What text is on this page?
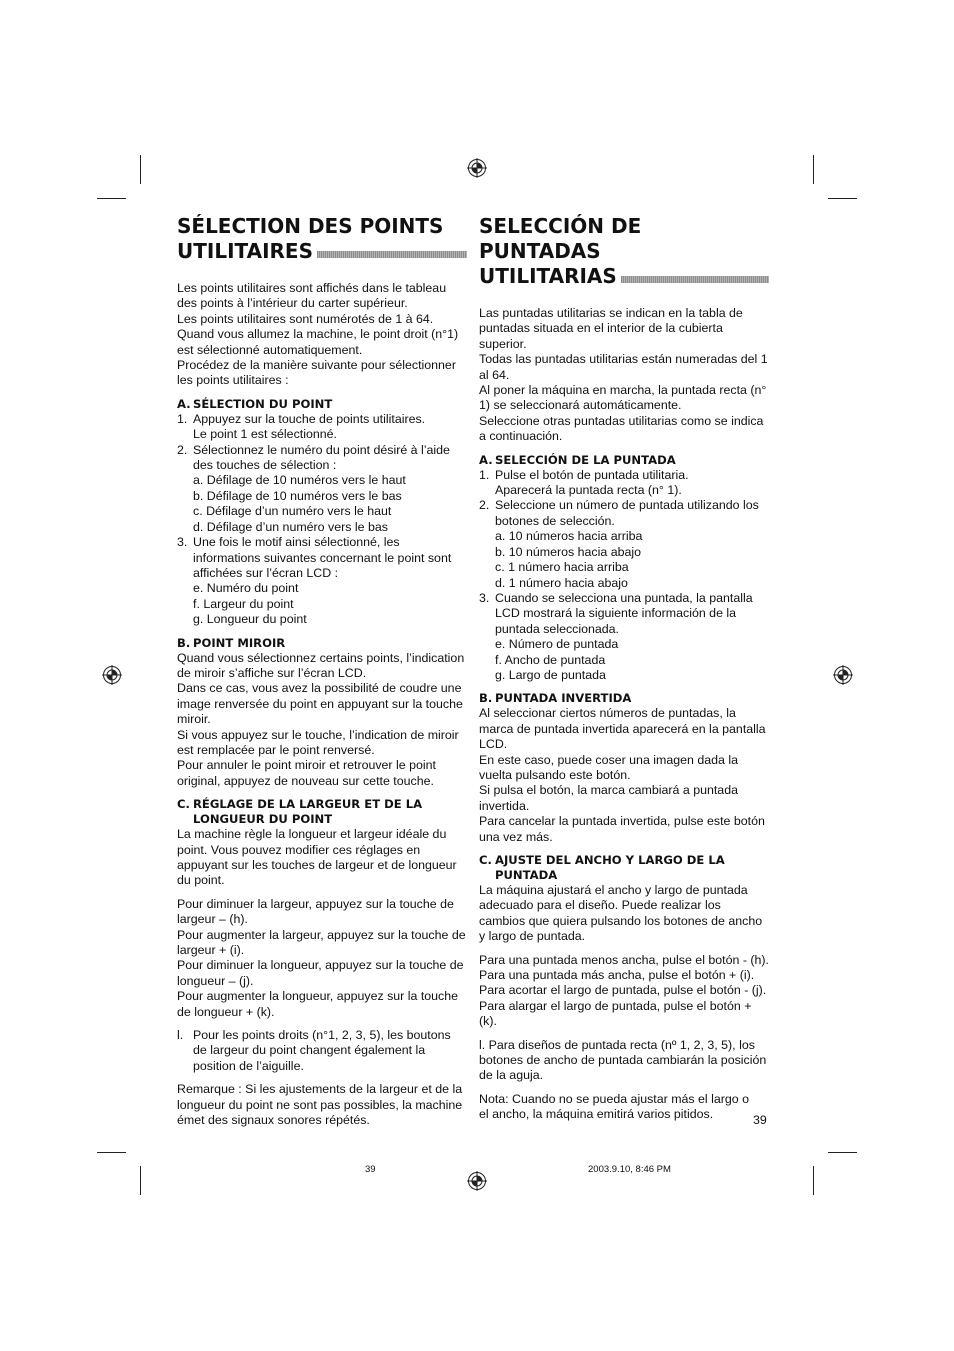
SÉLECTION DES POINTS
UTILITAIRES

Les points utilitaires sont affichés dans le tableau des points à l’intérieur du carter supérieur.

Les points utilitaires sont numérotés de 1 à 64.

Quand vous allumez la machine, le point droit (n°1) est sélectionné automatiquement.

Procédez de la manière suivante pour sélectionner les points utilitaires :

A. SÉLECTION DU POINT
1. Appuyez sur la touche de points utilitaires.
Le point 1 est sélectionné.
2. Sélectionnez le numéro du point désiré à l’aide des touches de sélection :
a. Défilage de 10 numéros vers le haut
b. Défilage de 10 numéros vers le bas
c. Défilage d’un numéro vers le haut
d. Défilage d’un numéro vers le bas
3. Une fois le motif ainsi sélectionné, les informations suivantes concernant le point sont affichées sur l’écran LCD :
e. Numéro du point
f. Largeur du point
g. Longueur du point
B. POINT MIROIR

Quand vous sélectionnez certains points, l’indication de miroir s’affiche sur l’écran LCD.

Dans ce cas, vous avez la possibilité de coudre une image renversée du point en appuyant sur la touche miroir.

Si vous appuyez sur le touche, l’indication de miroir est remplacée par le point renversé.

Pour annuler le point miroir et retrouver le point original, appuyez de nouveau sur cette touche.

C. RÉGLAGE DE LA LARGEUR ET DE LA LONGUEUR DU POINT

La machine règle la longueur et largeur idéale du point. Vous pouvez modifier ces réglages en appuyant sur les touches de largeur et de longueur du point.

Pour diminuer la largeur, appuyez sur la touche de largeur – (h).

Pour augmenter la largeur, appuyez sur la touche de largeur + (i).

Pour diminuer la longueur, appuyez sur la touche de longueur – (j).

Pour augmenter la longueur, appuyez sur la touche de longueur + (k).

l. Pour les points droits (n°1, 2, 3, 5), les boutons de largeur du point changent également la position de l’aiguille.

Remarque : Si les ajustements de la largeur et de la longueur du point ne sont pas possibles, la machine émet des signaux sonores répétés.

SELECCIÓN DE PUNTADAS
UTILITARIAS

Las puntadas utilitarias se indican en la tabla de puntadas situada en el interior de la cubierta superior.

Todas las puntadas utilitarias están numeradas del 1 al 64.

Al poner la máquina en marcha, la puntada recta (n° 1) se seleccionará automáticamente.

Seleccione otras puntadas utilitarias como se indica a continuación.

A. SELECCIÓN DE LA PUNTADA
1. Pulse el botón de puntada utilitaria.
Aparecerá la puntada recta (n° 1).
2. Seleccione un número de puntada utilizando los botones de selección.
a. 10 números hacia arriba
b. 10 números hacia abajo
c. 1 número hacia arriba
d. 1 número hacia abajo
3. Cuando se selecciona una puntada, la pantalla LCD mostrará la siguiente información de la puntada seleccionada.
e. Número de puntada
f. Ancho de puntada
g. Largo de puntada
B. PUNTADA INVERTIDA

Al seleccionar ciertos números de puntadas, la marca de puntada invertida aparecerá en la pantalla LCD.

En este caso, puede coser una imagen dada la vuelta pulsando este botón.

Si pulsa el botón, la marca cambiará a puntada invertida.

Para cancelar la puntada invertida, pulse este botón una vez más.

C. AJUSTE DEL ANCHO Y LARGO DE LA PUNTADA

La máquina ajustará el ancho y largo de puntada adecuado para el diseño. Puede realizar los cambios que quiera pulsando los botones de ancho y largo de puntada.

Para una puntada menos ancha, pulse el botón - (h).

Para una puntada más ancha, pulse el botón + (i).

Para acortar el largo de puntada, pulse el botón - (j).

Para alargar el largo de puntada, pulse el botón + (k).

l. Para diseños de puntada recta (nº 1, 2, 3, 5), los botones de ancho de puntada cambiarán la posición de la aguja.

Nota: Cuando no se pueda ajustar más el largo o el ancho, la máquina emitirá varios pitidos.	39
39	2003.9.10, 8:46 PM
